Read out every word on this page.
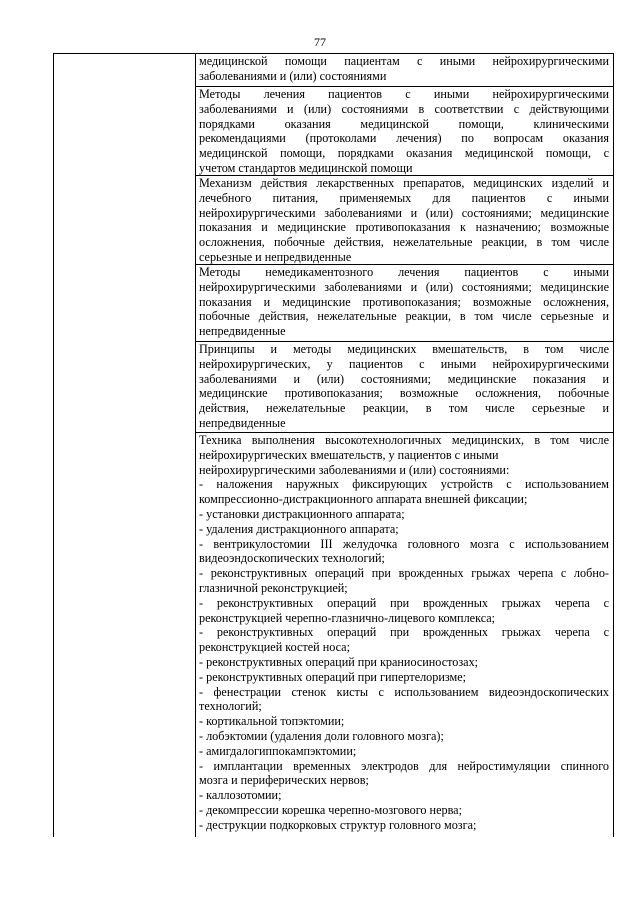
77
медицинской помощи пациентам с иными нейрохирургическими
заболеваниями и (или) состояниями
Методы лечения пациентов с иными нейрохирургическими
заболеваниями и (или) состояниями в соответствии с действующими
порядками оказания медицинской помощи, клиническими
рекомендациями (протоколами лечения) по вопросам оказания
медицинской помощи, порядками оказания медицинской помощи, с
учетом стандартов медицинской помощи
Механизм действия лекарственных препаратов, медицинских изделий и
лечебного питания, применяемых для пациентов с иными
нейрохирургическими заболеваниями и (или) состояниями; медицинские
показания и медицинские противопоказания к назначению; возможные
осложнения, побочные действия, нежелательные реакции, в том числе
серьезные и непредвиденные
Методы немедикаментозного лечения пациентов с иными
нейрохирургическими заболеваниями и (или) состояниями; медицинские
показания и медицинские противопоказания; возможные осложнения,
побочные действия, нежелательные реакции, в том числе серьезные и
непредвиденные
Принципы и методы медицинских вмешательств, в том числе
нейрохирургических, у пациентов с иными нейрохирургическими
заболеваниями и (или) состояниями; медицинские показания и
медицинские противопоказания; возможные осложнения, побочные
действия, нежелательные реакции, в том числе серьезные и
непредвиденные
Техника выполнения высокотехнологичных медицинских, в том числе
нейрохирургических вмешательств, у пациентов с иными
нейрохирургическими заболеваниями и (или) состояниями:
- наложения наружных фиксирующих устройств с использованием
компрессионно-дистракционного аппарата внешней фиксации;
- установки дистракционного аппарата;
- удаления дистракционного аппарата;
- вентрикулостомии III желудочка головного мозга с использованием
видеоэндоскопических технологий;
- реконструктивных операций при врожденных грыжах черепа с лобно-
глазничной реконструкцией;
- реконструктивных операций при врожденных грыжах черепа с
реконструкцией черепно-глазнично-лицевого комплекса;
- реконструктивных операций при врожденных грыжах черепа с
реконструкцией костей носа;
- реконструктивных операций при краниосиностозах;
- реконструктивных операций при гипертелоризме;
- фенестрации стенок кисты с использованием видеоэндоскопических
технологий;
- кортикальной топэктомии;
- лобэктомии (удаления доли головного мозга);
- амигдалогиппокампэктомии;
- имплантации временных электродов для нейростимуляции спинного
мозга и периферических нервов;
- каллозотомии;
- декомпрессии корешка черепно-мозгового нерва;
- деструкции подкорковых структур головного мозга;
